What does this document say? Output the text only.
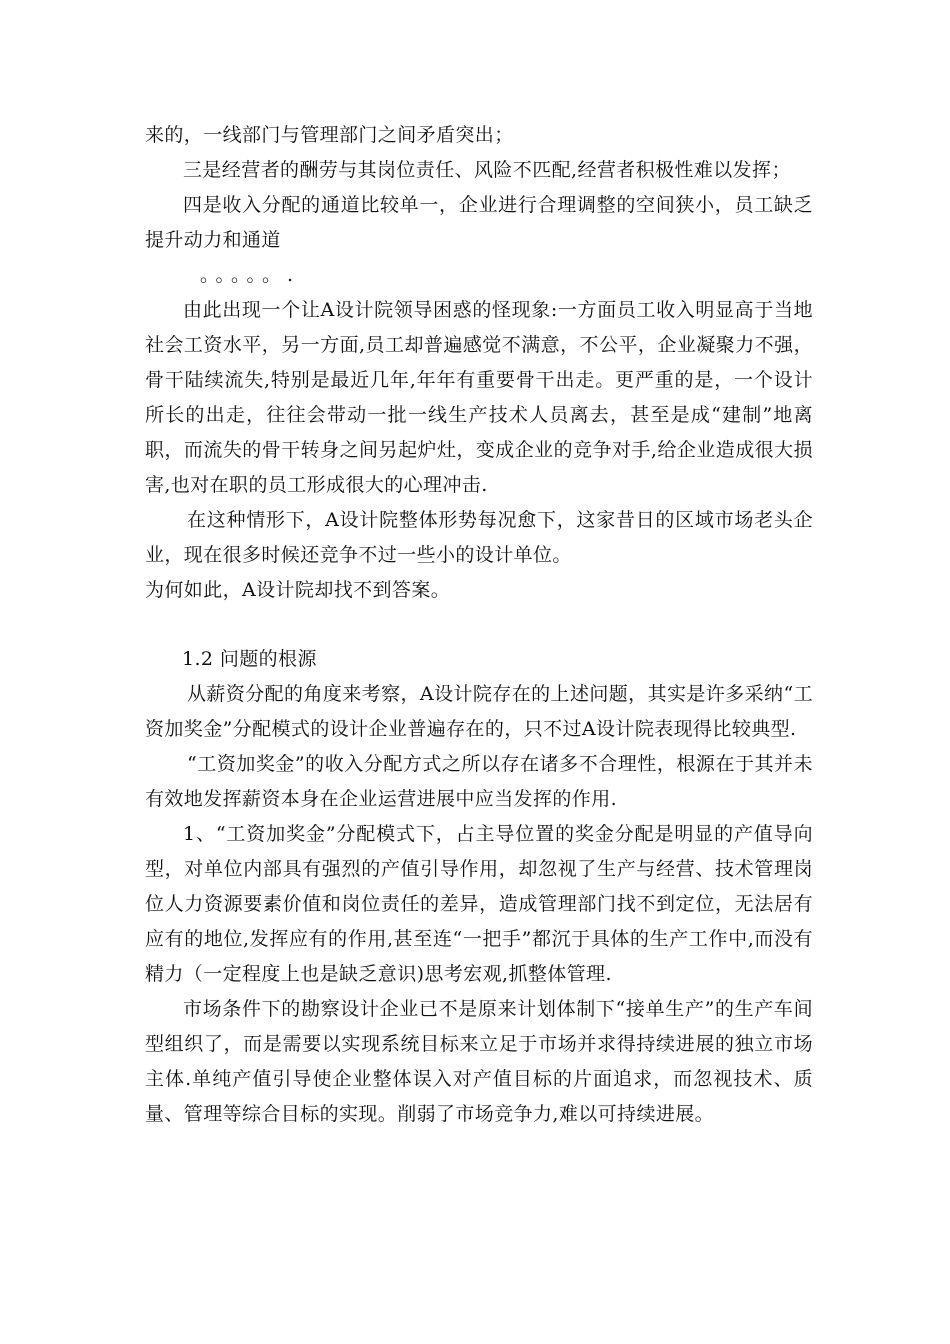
来的，一线部门与管理部门之间矛盾突出；

三是经营者的酬劳与其岗位责任、风险不匹配,经营者积极性难以发挥；

四是收入分配的通道比较单一，企业进行合理调整的空间狭小，员工缺乏提升动力和通道

。。。。。.

由此出现一个让A设计院领导困惑的怪现象:一方面员工收入明显高于当地社会工资水平，另一方面,员工却普遍感觉不满意，不公平，企业凝聚力不强，骨干陆续流失,特别是最近几年,年年有重要骨干出走。更严重的是，一个设计所长的出走，往往会带动一批一线生产技术人员离去，甚至是成“建制”地离职，而流失的骨干转身之间另起炉灶，变成企业的竞争对手,给企业造成很大损害,也对在职的员工形成很大的心理冲击.

在这种情形下，A设计院整体形势每况愈下，这家昔日的区域市场老头企业，现在很多时候还竞争不过一些小的设计单位。

为何如此，A设计院却找不到答案。

1.2 问题的根源

从薪资分配的角度来考察，A设计院存在的上述问题，其实是许多采纳“工资加奖金”分配模式的设计企业普遍存在的，只不过A设计院表现得比较典型.

“工资加奖金”的收入分配方式之所以存在诸多不合理性，根源在于其并未有效地发挥薪资本身在企业运营进展中应当发挥的作用.

1、“工资加奖金”分配模式下，占主导位置的奖金分配是明显的产值导向型，对单位内部具有强烈的产值引导作用，却忽视了生产与经营、技术管理岗位人力资源要素价值和岗位责任的差异，造成管理部门找不到定位，无法居有应有的地位,发挥应有的作用,甚至连“一把手”都沉于具体的生产工作中,而没有精力（一定程度上也是缺乏意识)思考宏观,抓整体管理.

市场条件下的勘察设计企业已不是原来计划体制下“接单生产”的生产车间型组织了，而是需要以实现系统目标来立足于市场并求得持续进展的独立市场主体.单纯产值引导使企业整体误入对产值目标的片面追求，而忽视技术、质量、管理等综合目标的实现。削弱了市场竞争力,难以可持续进展。
